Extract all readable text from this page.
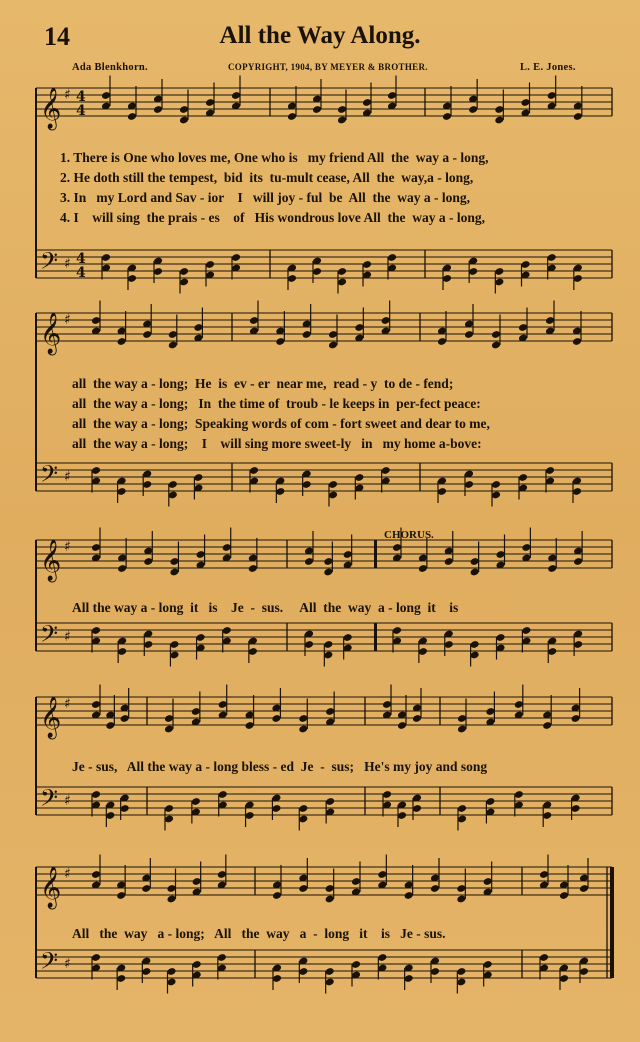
𝄞
𝄢
♯
♯
4
4
4
4
𝄞
𝄢
♯
♯
𝄞
𝄢
♯
♯
𝄞
𝄢
♯
♯
𝄞
𝄢
♯
♯
14	All the Way Along.
Ada Blenkhorn.	COPYRIGHT, 1904, BY MEYER & BROTHER.	L. E. Jones.
CHORUS.
1. There is One who loves me, One who is   my friend All  the  way a - long,
2. He doth still the tempest,  bid  its  tu-mult cease, All  the  way,a - long,
3. In   my Lord and Sav - ior    I   will joy - ful  be  All  the  way a - long,
4. I    will sing  the prais - es    of   His wondrous love All  the  way a - long,
all  the way a - long;  He  is  ev - er  near me,  read - y  to de - fend;
all  the way a - long;   In  the time of  troub - le keeps in  per-fect peace:
all  the way a - long;  Speaking words of com - fort sweet and dear to me,
all  the way a - long;    I    will sing more sweet-ly   in   my home a-bove:
All the way a - long  it   is    Je  -  sus.     All  the  way  a - long  it    is
Je - sus,   All the way a - long bless - ed  Je  -  sus;   He's my joy and song
All   the  way   a - long;   All   the  way   a  -  long   it    is   Je - sus.
